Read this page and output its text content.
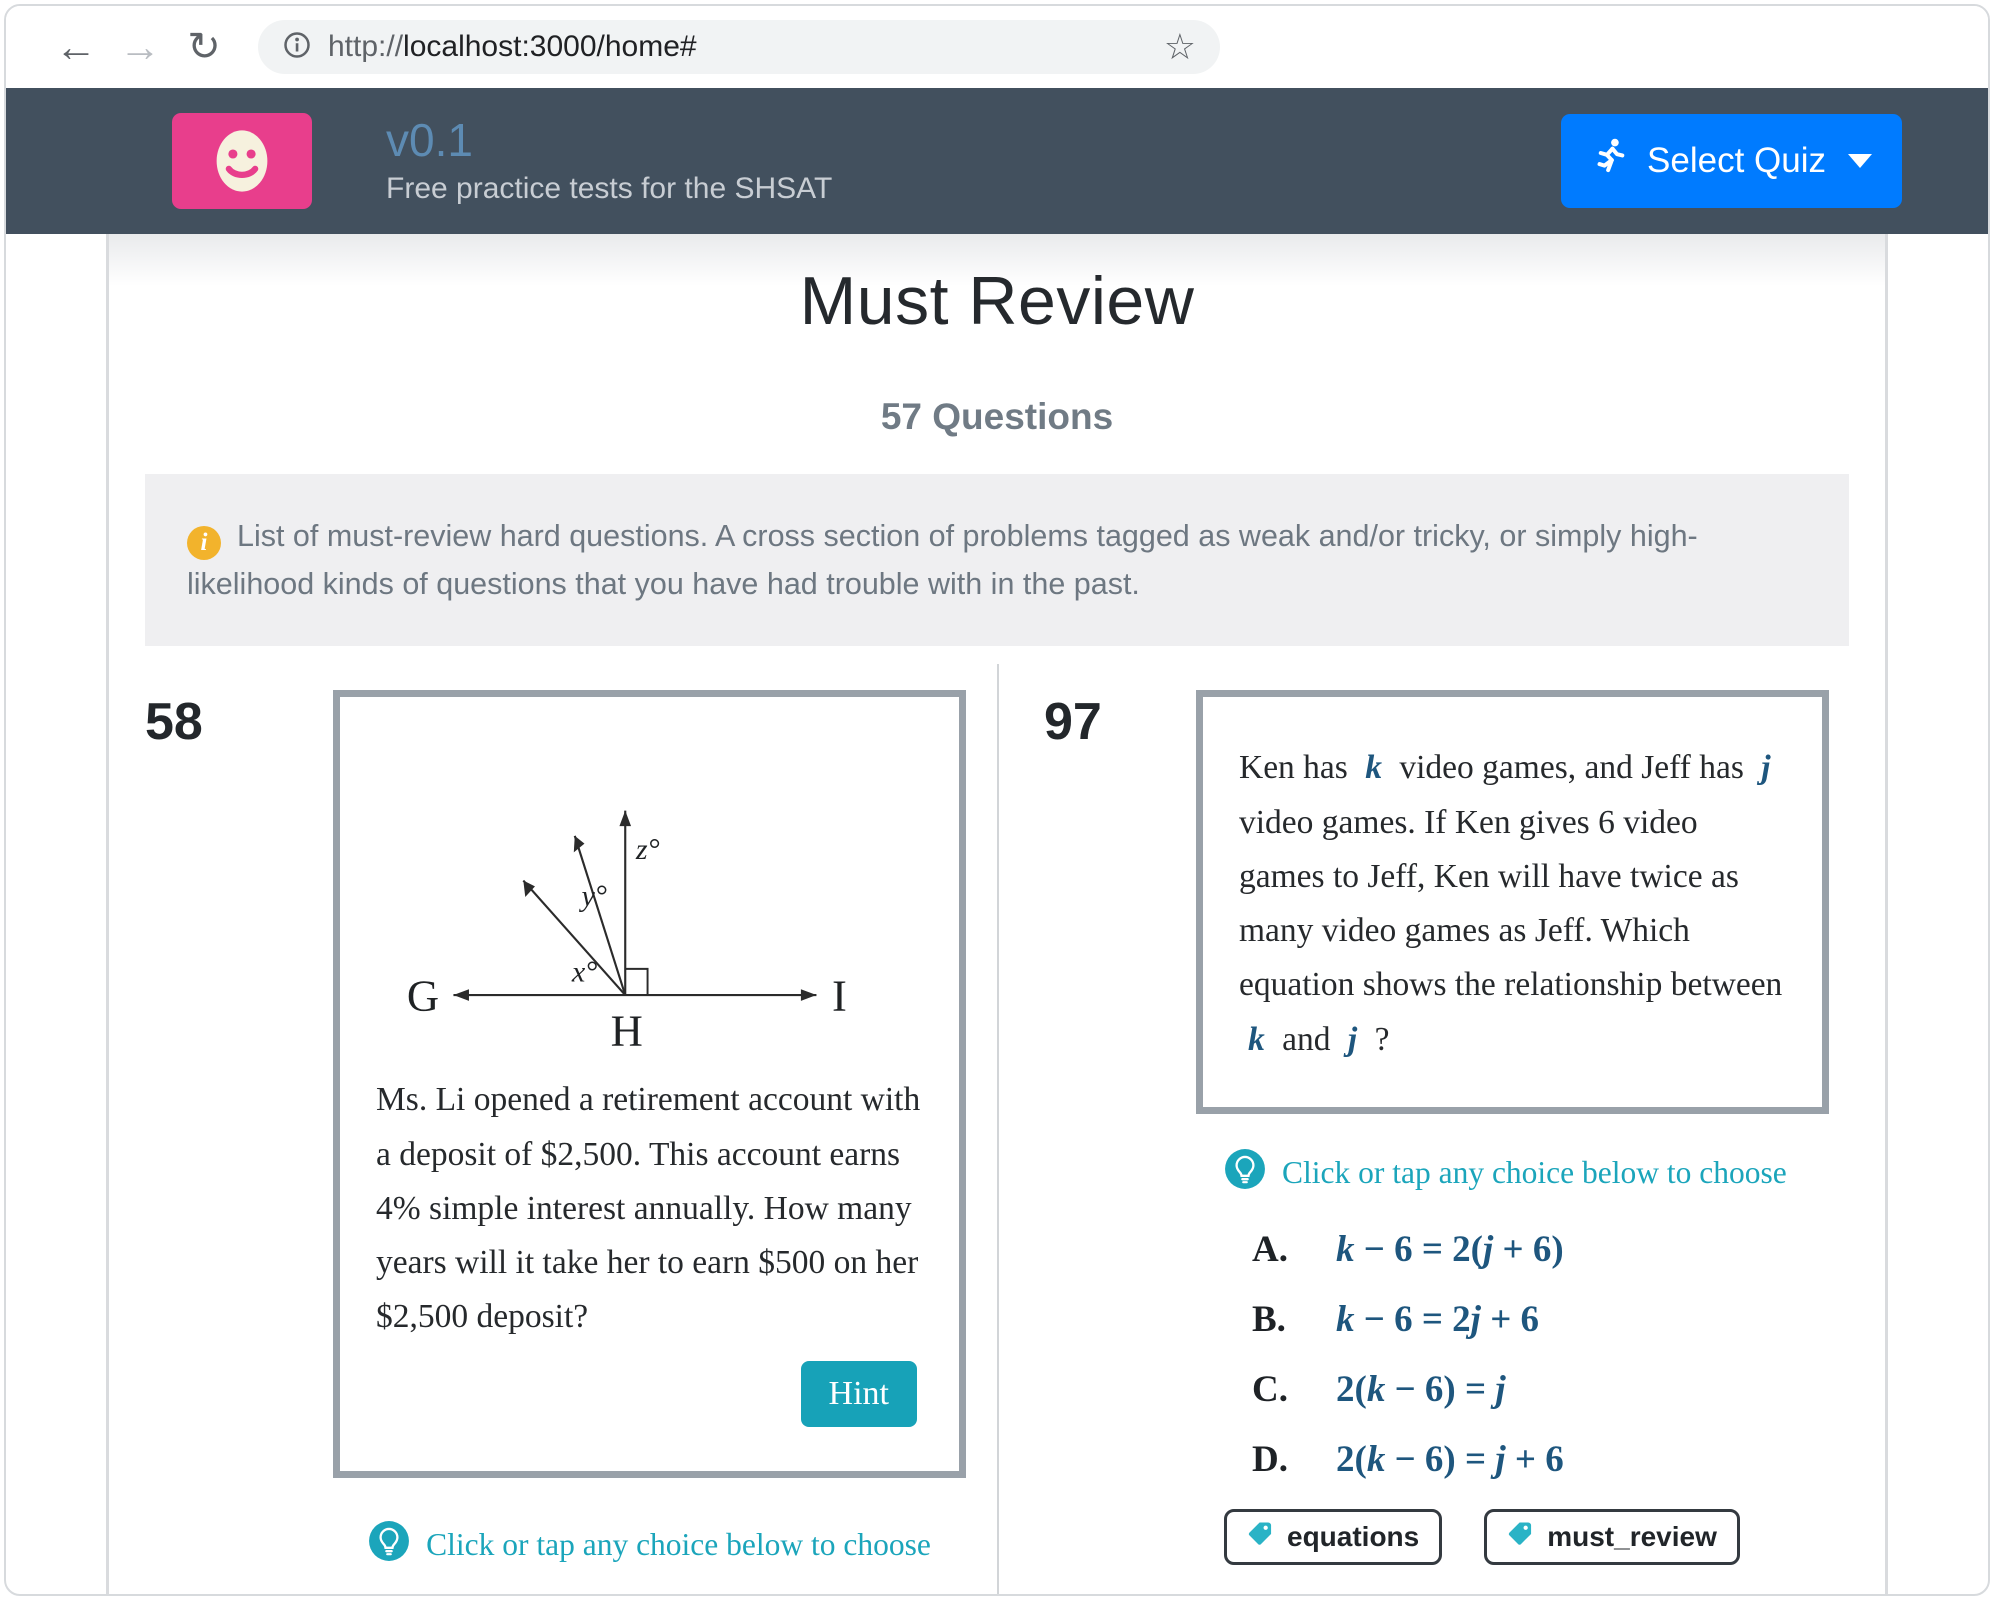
← → ↻	http://localhost:3000/home#	☆
v0.1
Free practice tests for the SHSAT
Select Quiz
Must Review
57 Questions
i List of must-review hard questions. A cross section of problems tagged as weak and/or tricky, or simply high-likelihood kinds of questions that you have had trouble with in the past.
58
G	I
H
z°
y°
x°
Ms. Li opened a retirement account with a deposit of $2,500. This account earns 4% simple interest annually. How many years will it take her to earn $500 on her $2,500 deposit?
Hint
Click or tap any choice below to choose
97
Ken has k video games, and Jeff has j video games. If Ken gives 6 video games to Jeff, Ken will have twice as many video games as Jeff. Which equation shows the relationship between k and j ?
Click or tap any choice below to choose
A.	k − 6 = 2(j + 6)
B.	k − 6 = 2j + 6
C.	2(k − 6) = j
D.	2(k − 6) = j + 6
equations	must_review
